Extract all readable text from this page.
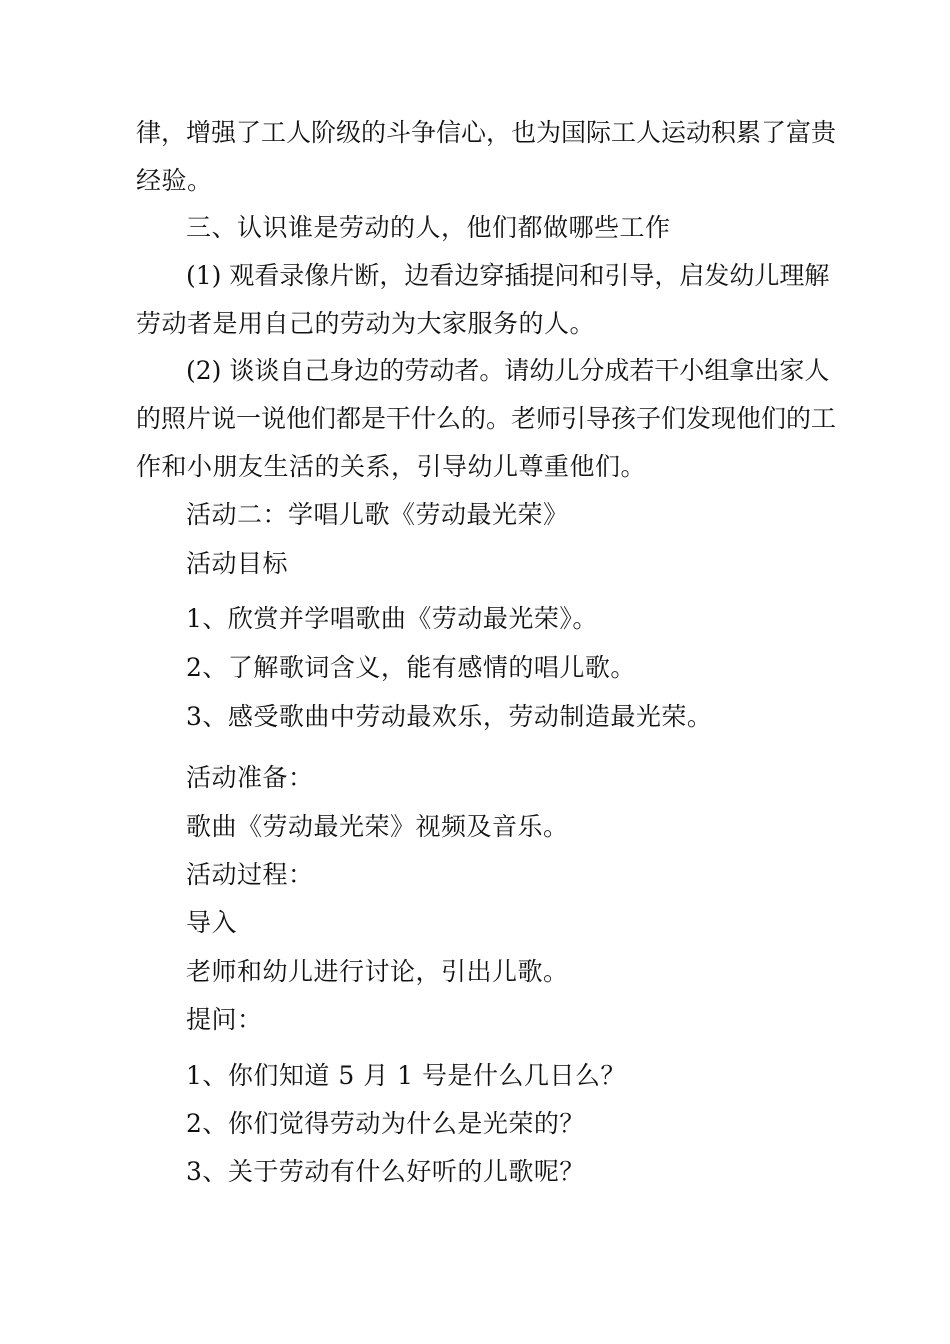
律，增强了工人阶级的斗争信心，也为国际工人运动积累了富贵
经验。
三、认识谁是劳动的人，他们都做哪些工作
(1) 观看录像片断，边看边穿插提问和引导，启发幼儿理解
劳动者是用自己的劳动为大家服务的人。
(2) 谈谈自己身边的劳动者。请幼儿分成若干小组拿出家人
的照片说一说他们都是干什么的。老师引导孩子们发现他们的工
作和小朋友生活的关系，引导幼儿尊重他们。
活动二：学唱儿歌《劳动最光荣》
活动目标
1、欣赏并学唱歌曲《劳动最光荣》。
2、了解歌词含义，能有感情的唱儿歌。
3、感受歌曲中劳动最欢乐，劳动制造最光荣。
活动准备：
歌曲《劳动最光荣》视频及音乐。
活动过程：
导入
老师和幼儿进行讨论，引出儿歌。
提问：
1、你们知道 5 月 1 号是什么几日么？
2、你们觉得劳动为什么是光荣的？
3、关于劳动有什么好听的儿歌呢？
